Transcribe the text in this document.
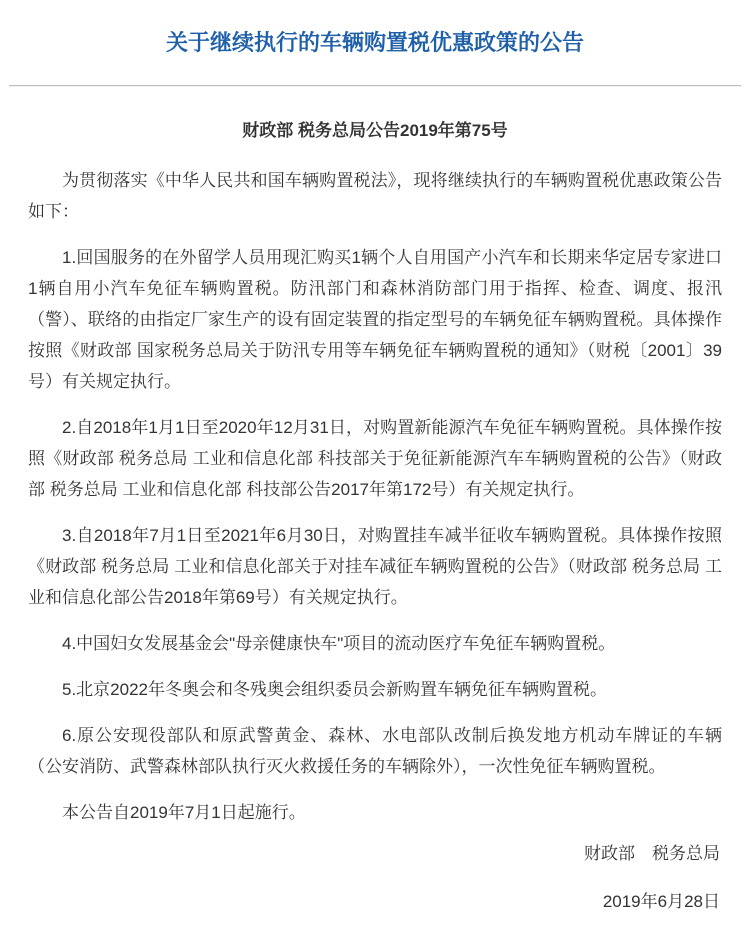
关于继续执行的车辆购置税优惠政策的公告
财政部 税务总局公告2019年第75号

为贯彻落实《中华人民共和国车辆购置税法》，现将继续执行的车辆购置税优惠政策公告如下：

1.回国服务的在外留学人员用现汇购买1辆个人自用国产小汽车和长期来华定居专家进口1辆自用小汽车免征车辆购置税。防汛部门和森林消防部门用于指挥、检查、调度、报汛（警）、联络的由指定厂家生产的设有固定装置的指定型号的车辆免征车辆购置税。具体操作按照《财政部 国家税务总局关于防汛专用等车辆免征车辆购置税的通知》（财税〔2001〕39号）有关规定执行。

2.自2018年1月1日至2020年12月31日，对购置新能源汽车免征车辆购置税。具体操作按照《财政部 税务总局 工业和信息化部 科技部关于免征新能源汽车车辆购置税的公告》（财政部 税务总局 工业和信息化部 科技部公告2017年第172号）有关规定执行。

3.自2018年7月1日至2021年6月30日，对购置挂车减半征收车辆购置税。具体操作按照《财政部 税务总局 工业和信息化部关于对挂车减征车辆购置税的公告》（财政部 税务总局 工业和信息化部公告2018年第69号）有关规定执行。

4.中国妇女发展基金会"母亲健康快车"项目的流动医疗车免征车辆购置税。

5.北京2022年冬奥会和冬残奥会组织委员会新购置车辆免征车辆购置税。

6.原公安现役部队和原武警黄金、森林、水电部队改制后换发地方机动车牌证的车辆（公安消防、武警森林部队执行灭火救援任务的车辆除外），一次性免征车辆购置税。

本公告自2019年7月1日起施行。

财政部　税务总局
2019年6月28日
